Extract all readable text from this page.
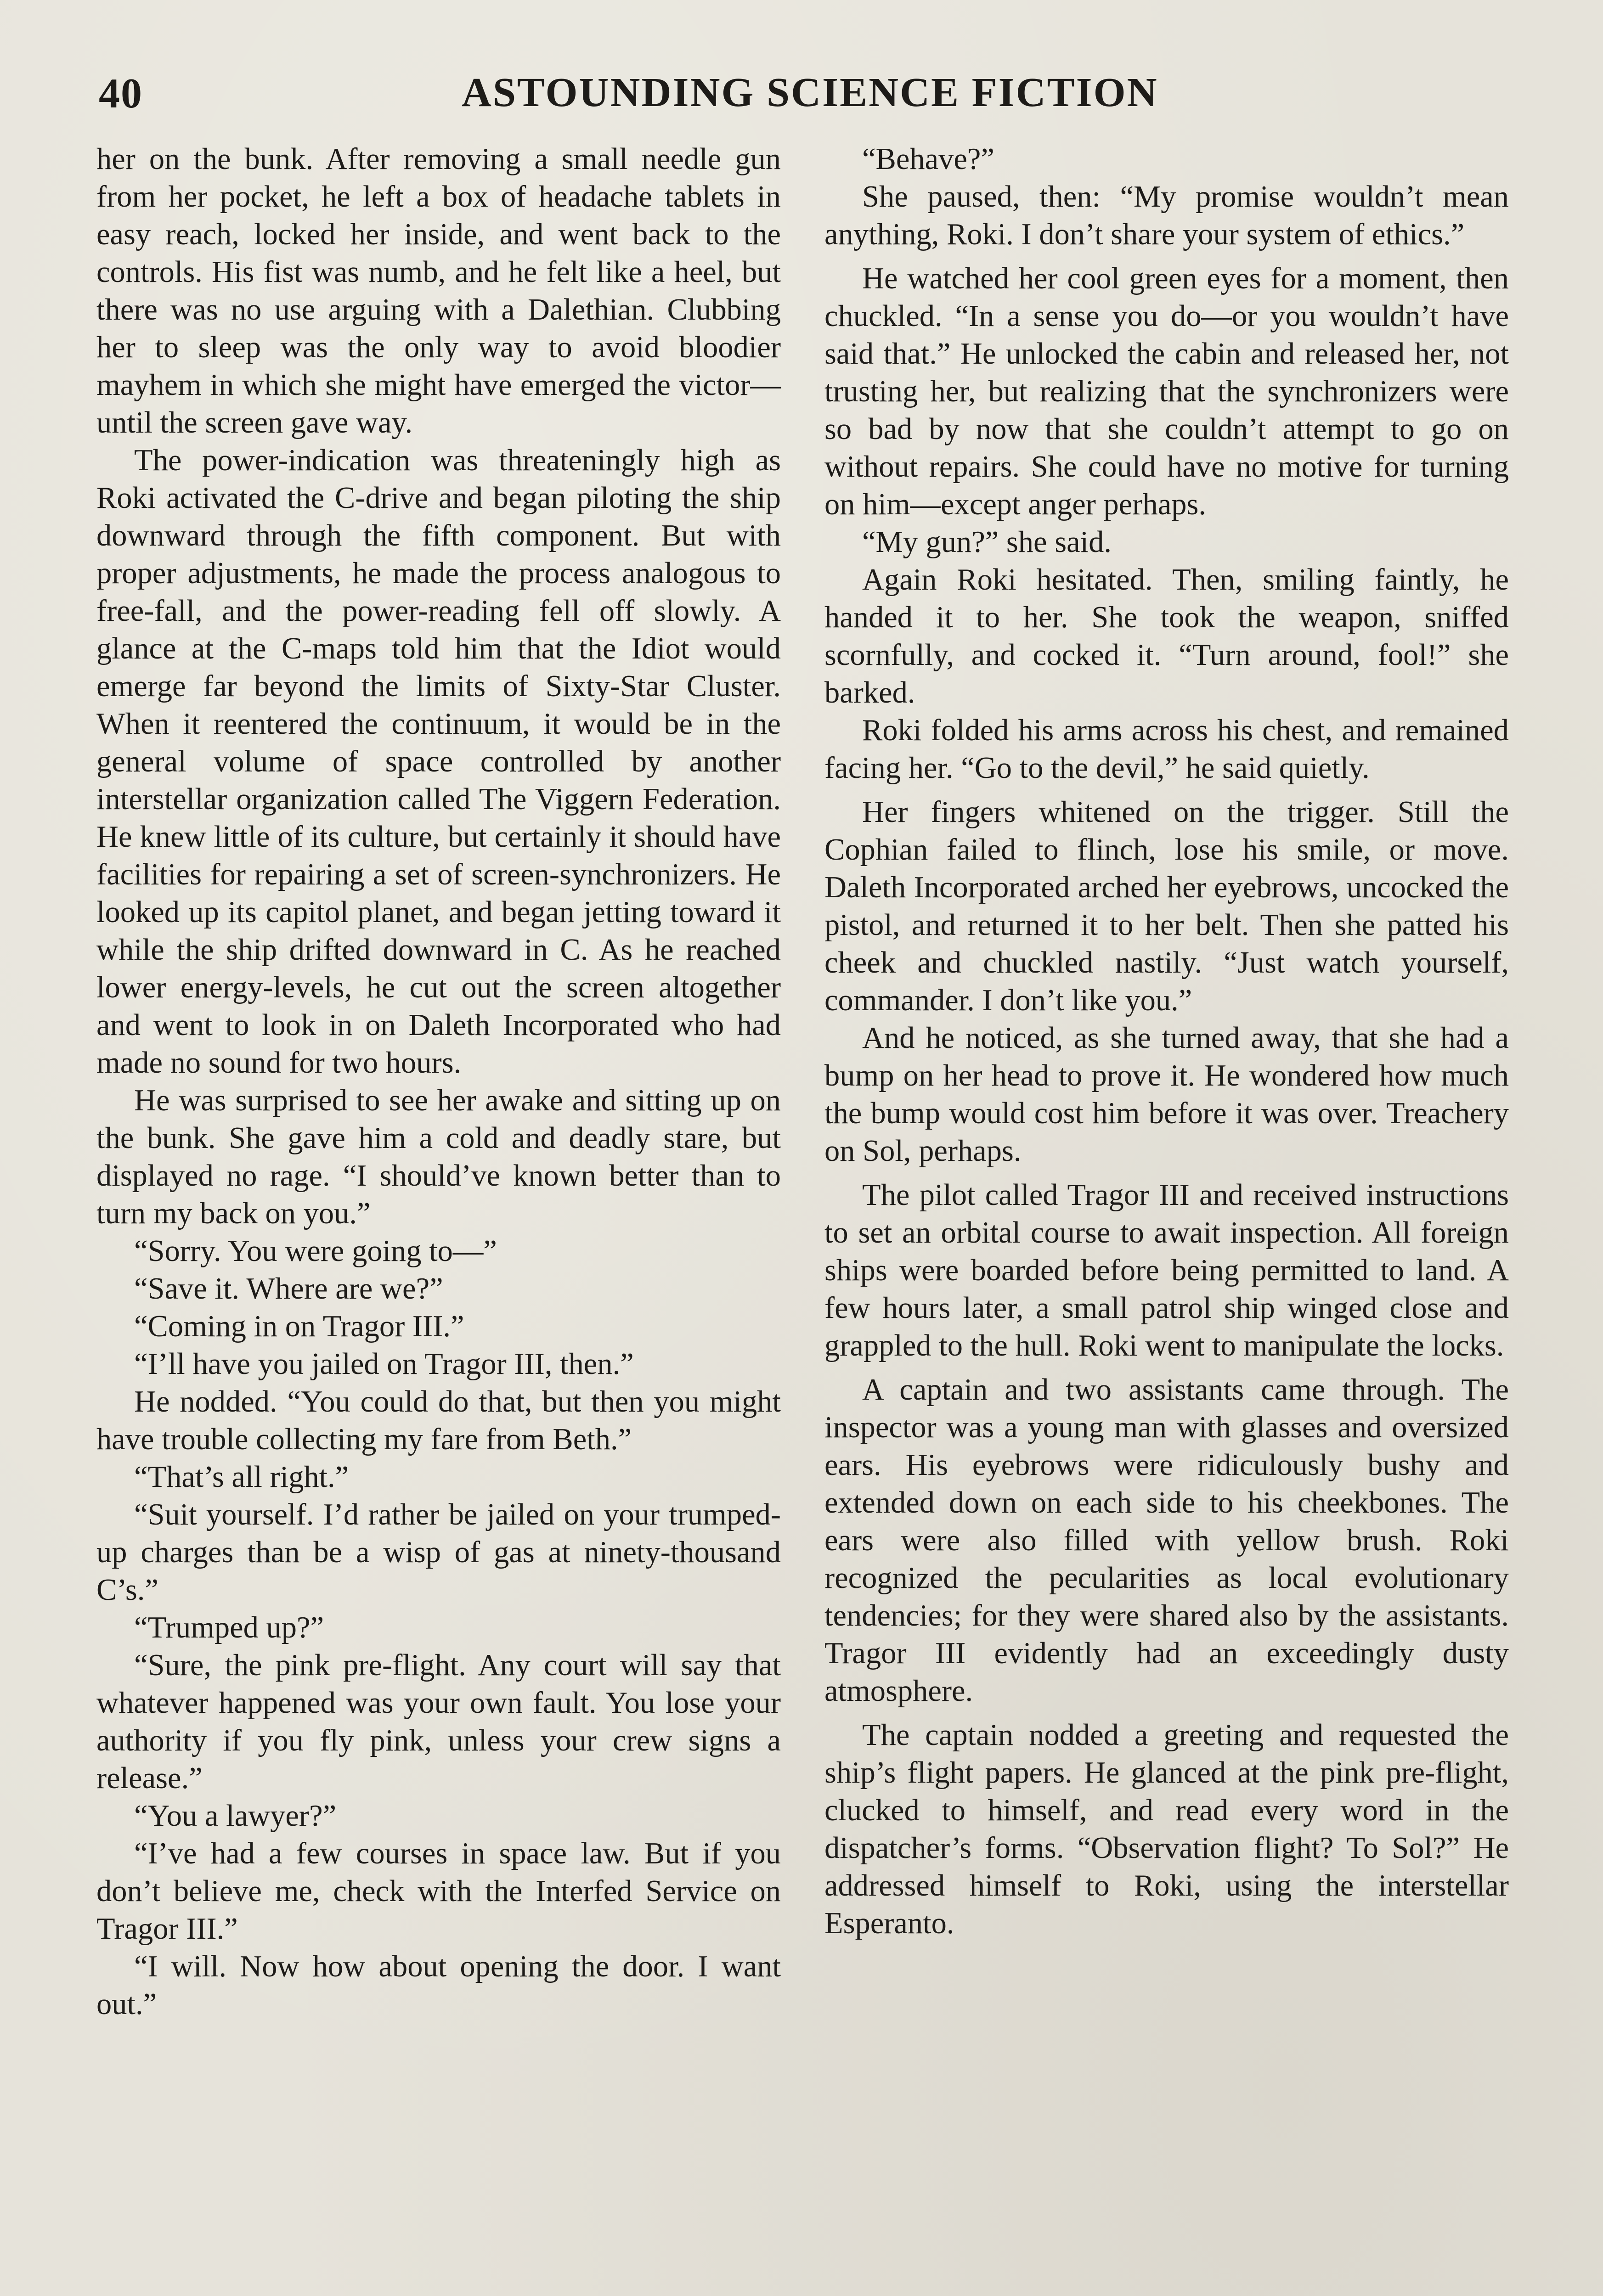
40	ASTOUNDING SCIENCE FICTION

her on the bunk. After removing a small needle gun from her pocket, he left a box of headache tablets in easy reach, locked her inside, and went back to the controls. His fist was numb, and he felt like a heel, but there was no use arguing with a Dalethian. Clubbing her to sleep was the only way to avoid bloodier mayhem in which she might have emerged the victor—until the screen gave way.

The power-indication was threateningly high as Roki activated the C-drive and began piloting the ship downward through the fifth component. But with proper adjustments, he made the process analogous to free-fall, and the power-reading fell off slowly. A glance at the C-maps told him that the Idiot would emerge far beyond the limits of Sixty-Star Cluster. When it reentered the continuum, it would be in the general volume of space controlled by another interstellar organization called The Viggern Federation. He knew little of its culture, but certainly it should have facilities for repairing a set of screen-synchronizers. He looked up its capitol planet, and began jetting toward it while the ship drifted downward in C. As he reached lower energy-levels, he cut out the screen altogether and went to look in on Daleth Incorporated who had made no sound for two hours.

He was surprised to see her awake and sitting up on the bunk. She gave him a cold and deadly stare, but displayed no rage. “I should’ve known better than to turn my back on you.”

“Sorry. You were going to—”

“Save it. Where are we?”

“Coming in on Tragor III.”

“I’ll have you jailed on Tragor III, then.”

He nodded. “You could do that, but then you might have trouble collecting my fare from Beth.”

“That’s all right.”

“Suit yourself. I’d rather be jailed on your trumped-up charges than be a wisp of gas at ninety-thousand C’s.”

“Trumped up?”

“Sure, the pink pre-flight. Any court will say that whatever happened was your own fault. You lose your authority if you fly pink, unless your crew signs a release.”

“You a lawyer?”

“I’ve had a few courses in space law. But if you don’t believe me, check with the Interfed Service on Tragor III.”

“I will. Now how about opening the door. I want out.”

“Behave?”

She paused, then: “My promise wouldn’t mean anything, Roki. I don’t share your system of ethics.”

He watched her cool green eyes for a moment, then chuckled. “In a sense you do—or you wouldn’t have said that.” He unlocked the cabin and released her, not trusting her, but realizing that the synchronizers were so bad by now that she couldn’t attempt to go on without repairs. She could have no motive for turning on him—except anger perhaps.

“My gun?” she said.

Again Roki hesitated. Then, smiling faintly, he handed it to her. She took the weapon, sniffed scornfully, and cocked it. “Turn around, fool!” she barked.

Roki folded his arms across his chest, and remained facing her. “Go to the devil,” he said quietly.

Her fingers whitened on the trigger. Still the Cophian failed to flinch, lose his smile, or move. Daleth Incorporated arched her eyebrows, uncocked the pistol, and returned it to her belt. Then she patted his cheek and chuckled nastily. “Just watch yourself, commander. I don’t like you.”

And he noticed, as she turned away, that she had a bump on her head to prove it. He wondered how much the bump would cost him before it was over. Treachery on Sol, perhaps.

The pilot called Tragor III and received instructions to set an orbital course to await inspection. All foreign ships were boarded before being permitted to land. A few hours later, a small patrol ship winged close and grappled to the hull. Roki went to manipulate the locks.

A captain and two assistants came through. The inspector was a young man with glasses and oversized ears. His eyebrows were ridiculously bushy and extended down on each side to his cheekbones. The ears were also filled with yellow brush. Roki recognized the pecularities as local evolutionary tendencies; for they were shared also by the assistants. Tragor III evidently had an exceedingly dusty atmosphere.

The captain nodded a greeting and requested the ship’s flight papers. He glanced at the pink pre-flight, clucked to himself, and read every word in the dispatcher’s forms. “Observation flight? To Sol?” He addressed himself to Roki, using the interstellar Esperanto.
